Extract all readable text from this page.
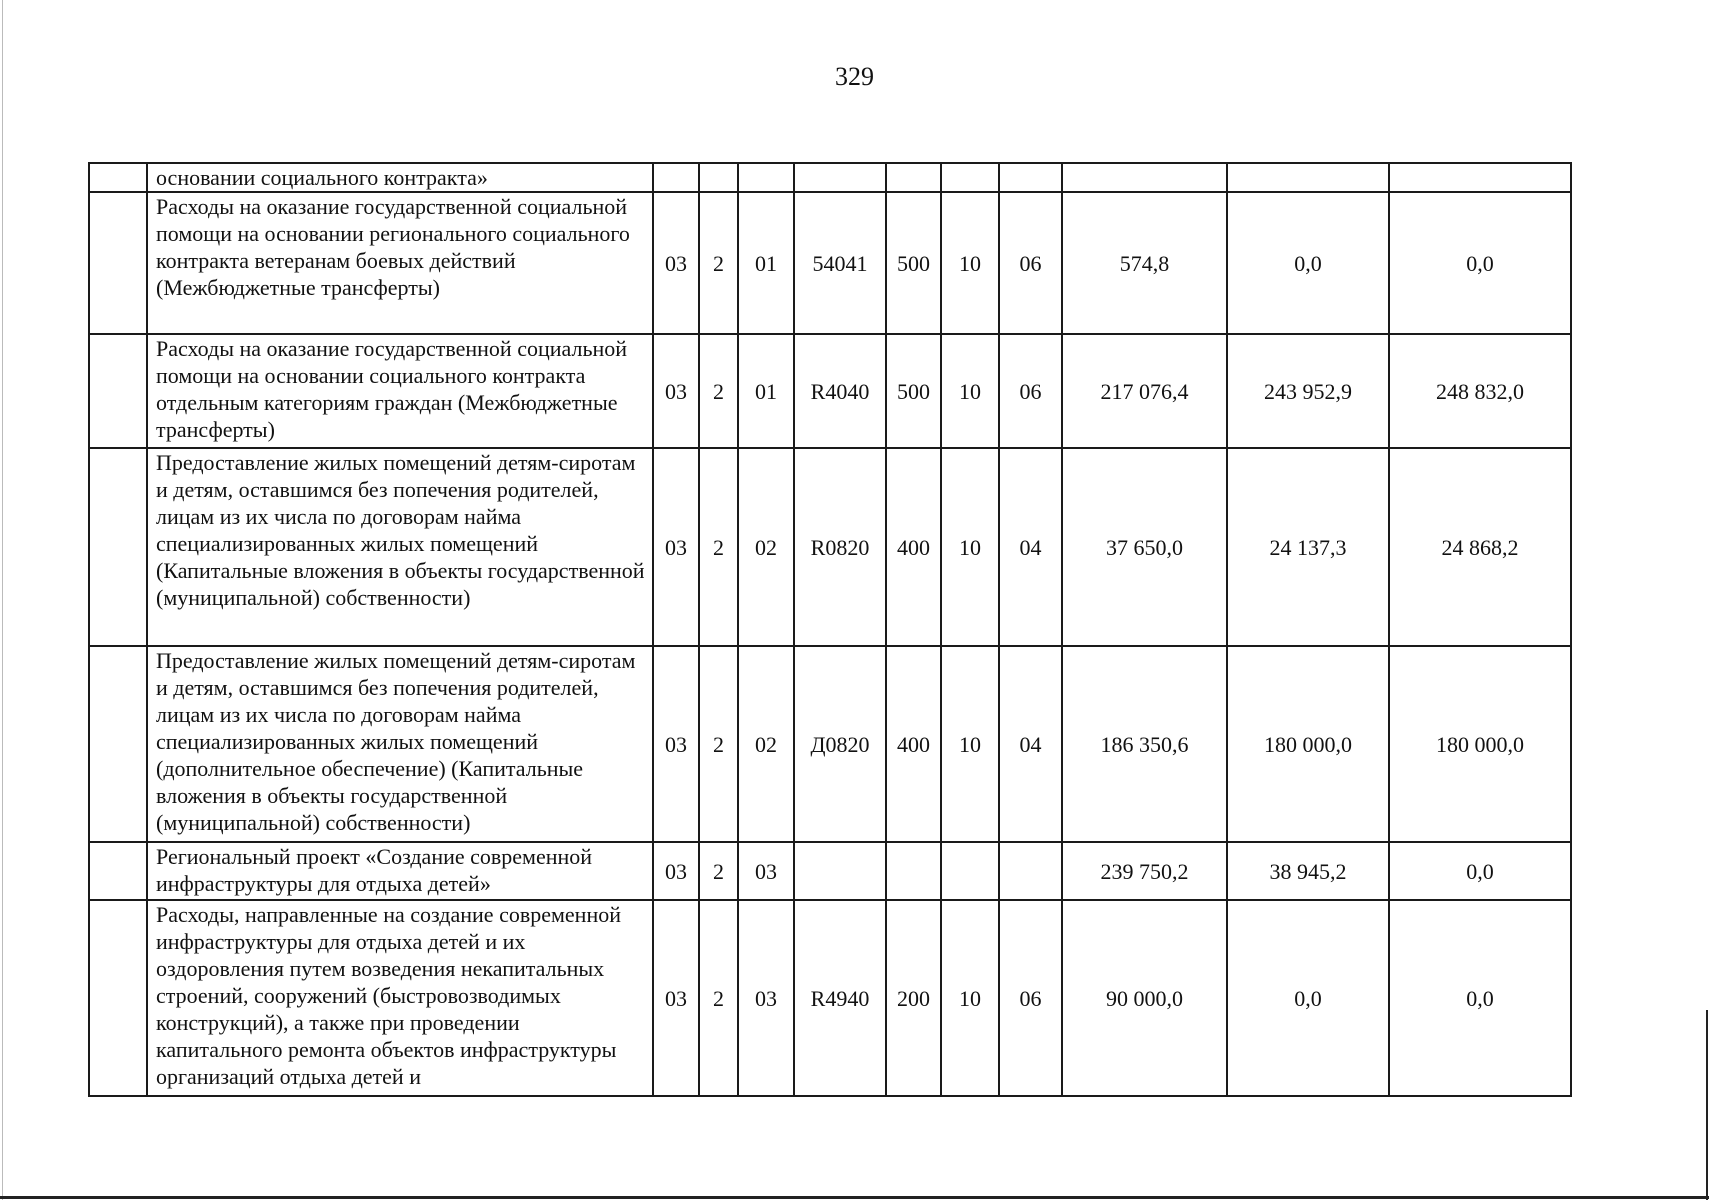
329
	основании социального контракта»										
	Расходы на оказание государственной социальной помощи на основании регионального социального контракта ветеранам боевых действий (Межбюджетные трансферты)	03	2	01	54041	500	10	06	574,8	0,0	0,0
	Расходы на оказание государственной социальной помощи на основании социального контракта отдельным категориям граждан (Межбюджетные трансферты)	03	2	01	R4040	500	10	06	217 076,4	243 952,9	248 832,0
	Предоставление жилых помещений детям-сиротам и детям, оставшимся без попечения родителей, лицам из их числа по договорам найма специализированных жилых помещений (Капитальные вложения в объекты государственной (муниципальной) собственности)	03	2	02	R0820	400	10	04	37 650,0	24 137,3	24 868,2
	Предоставление жилых помещений детям-сиротам и детям, оставшимся без попечения родителей, лицам из их числа по договорам найма специализированных жилых помещений (дополнительное обеспечение) (Капитальные вложения в объекты государственной (муниципальной) собственности)	03	2	02	Д0820	400	10	04	186 350,6	180 000,0	180 000,0
	Региональный проект «Создание современной инфраструктуры для отдыха детей»	03	2	03					239 750,2	38 945,2	0,0
	Расходы, направленные на создание современной инфраструктуры для отдыха детей и их оздоровления путем возведения некапитальных строений, сооружений (быстровозводимых конструкций), а также при проведении капитального ремонта объектов инфраструктуры организаций отдыха детей и	03	2	03	R4940	200	10	06	90 000,0	0,0	0,0
